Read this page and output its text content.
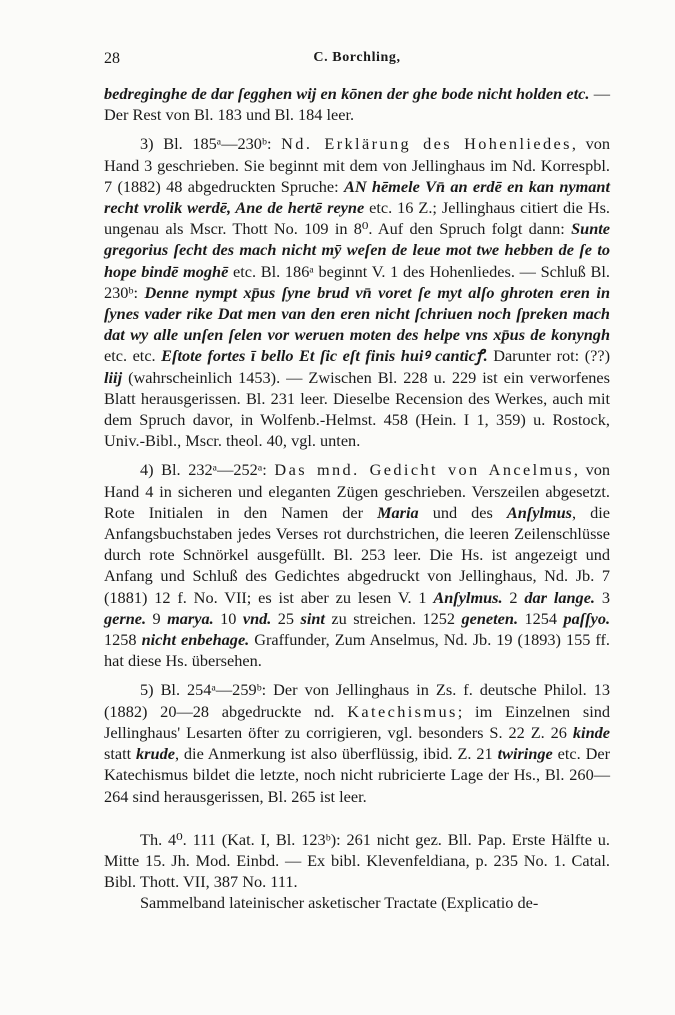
28	C. Borchling,

bedreginghe de dar ſegghen wij en kōnen der ghe bode nicht holden etc. — Der Rest von Bl. 183 und Bl. 184 leer.

3) Bl. 185ᵃ—230ᵇ: Nd. Erklärung des Hohenliedes, von Hand 3 geschrieben. Sie beginnt mit dem von Jellinghaus im Nd. Korrespbl. 7 (1882) 48 abgedruckten Spruche: AN hēmele Vn̄ an erdē en kan nymant recht vrolik werdē, Ane de hertē reyne etc. 16 Z.; Jellinghaus citiert die Hs. ungenau als Mscr. Thott No. 109 in 8⁰. Auf den Spruch folgt dann: Sunte gregorius ſecht des mach nicht mȳ weſen de leue mot twe hebben de ſe to hope bindē moghē etc. Bl. 186ᵃ beginnt V. 1 des Hohenliedes. — Schluß Bl. 230ᵇ: Denne nympt xp̄us ſyne brud vn̄ voret ſe myt alſo ghroten eren in ſynes vader rike Dat men van den eren nicht ſchriuen noch ſpreken mach dat wy alle unſen ſelen vor weruen moten des helpe vns xp̄us de konyngh etc. etc. Eſtote fortes ī bello Et ſic eſt finis huiꝰ canticꝭ. Darunter rot: (??) liij (wahrscheinlich 1453). — Zwischen Bl. 228 u. 229 ist ein verworfenes Blatt herausgerissen. Bl. 231 leer. Dieselbe Recension des Werkes, auch mit dem Spruch davor, in Wolfenb.-Helmst. 458 (Hein. I 1, 359) u. Rostock, Univ.-Bibl., Mscr. theol. 40, vgl. unten.

4) Bl. 232ᵃ—252ᵃ: Das mnd. Gedicht von Ancelmus, von Hand 4 in sicheren und eleganten Zügen geschrieben. Verszeilen abgesetzt. Rote Initialen in den Namen der Maria und des Anſylmus, die Anfangsbuchstaben jedes Verses rot durchstrichen, die leeren Zeilenschlüsse durch rote Schnörkel ausgefüllt. Bl. 253 leer. Die Hs. ist angezeigt und Anfang und Schluß des Gedichtes abgedruckt von Jellinghaus, Nd. Jb. 7 (1881) 12 f. No. VII; es ist aber zu lesen V. 1 Anſylmus. 2 dar lange. 3 gerne. 9 marya. 10 vnd. 25 sint zu streichen. 1252 geneten. 1254 paſſyo. 1258 nicht enbehage. Graffunder, Zum Anselmus, Nd. Jb. 19 (1893) 155 ff. hat diese Hs. übersehen.

5) Bl. 254ᵃ—259ᵇ: Der von Jellinghaus in Zs. f. deutsche Philol. 13 (1882) 20—28 abgedruckte nd. Katechismus; im Einzelnen sind Jellinghaus' Lesarten öfter zu corrigieren, vgl. besonders S. 22 Z. 26 kinde statt krude, die Anmerkung ist also überflüssig, ibid. Z. 21 twiringe etc. Der Katechismus bildet die letzte, noch nicht rubricierte Lage der Hs., Bl. 260—264 sind herausgerissen, Bl. 265 ist leer.

Th. 4⁰. 111 (Kat. I, Bl. 123ᵇ): 261 nicht gez. Bll. Pap. Erste Hälfte u. Mitte 15. Jh. Mod. Einbd. — Ex bibl. Klevenfeldiana, p. 235 No. 1. Catal. Bibl. Thott. VII, 387 No. 111.

Sammelband lateinischer asketischer Tractate (Explicatio de-
